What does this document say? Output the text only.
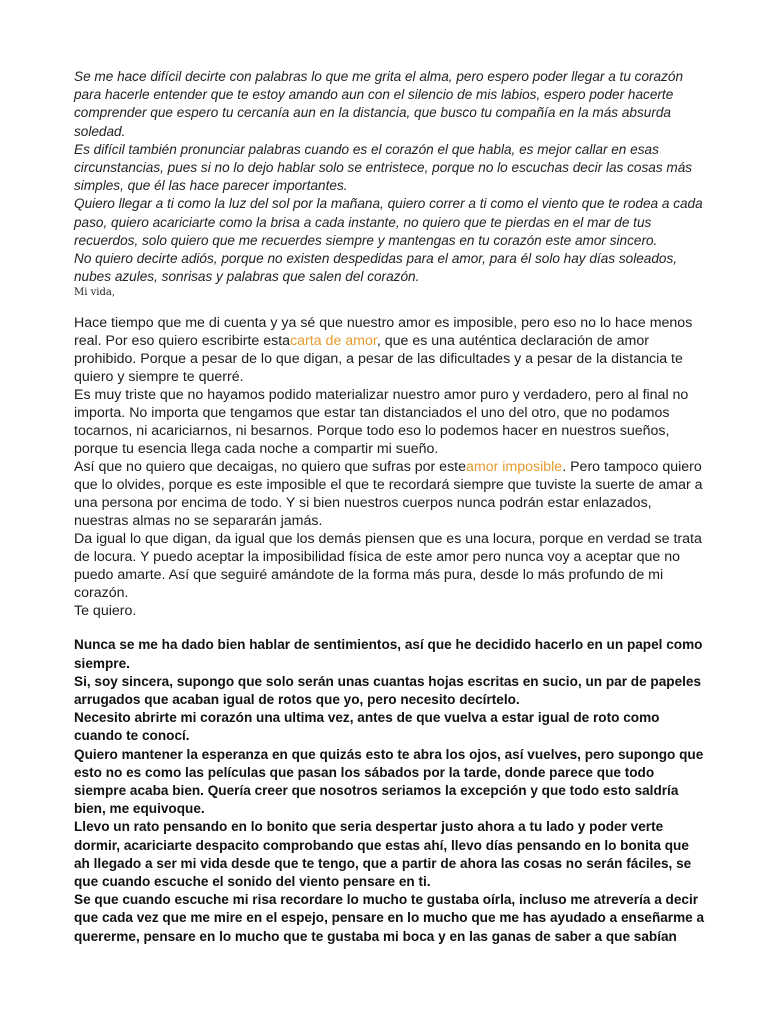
Se me hace difícil decirte con palabras lo que me grita el alma, pero espero poder llegar a tu corazón para hacerle entender que te estoy amando aun con el silencio de mis labios, espero poder hacerte comprender que espero tu cercanía aun en la distancia, que busco tu compañía en la más absurda soledad.

Es difícil también pronunciar palabras cuando es el corazón el que habla, es mejor callar en esas circunstancias, pues si no lo dejo hablar solo se entristece, porque no lo escuchas decir las cosas más simples, que él las hace parecer importantes.

Quiero llegar a ti como la luz del sol por la mañana, quiero correr a ti como el viento que te rodea a cada paso, quiero acariciarte como la brisa a cada instante, no quiero que te pierdas en el mar de tus recuerdos, solo quiero que me recuerdes siempre y mantengas en tu corazón este amor sincero.

No quiero decirte adiós, porque no existen despedidas para el amor, para él solo hay días soleados, nubes azules, sonrisas y palabras que salen del corazón.

Mi vida,

Hace tiempo que me di cuenta y ya sé que nuestro amor es imposible, pero eso no lo hace menos real. Por eso quiero escribirte estacarta de amor, que es una auténtica declaración de amor prohibido. Porque a pesar de lo que digan, a pesar de las dificultades y a pesar de la distancia te quiero y siempre te querré.

Es muy triste que no hayamos podido materializar nuestro amor puro y verdadero, pero al final no importa. No importa que tengamos que estar tan distanciados el uno del otro, que no podamos tocarnos, ni acariciarnos, ni besarnos. Porque todo eso lo podemos hacer en nuestros sueños, porque tu esencia llega cada noche a compartir mi sueño.

Así que no quiero que decaigas, no quiero que sufras por esteamor imposible. Pero tampoco quiero que lo olvides, porque es este imposible el que te recordará siempre que tuviste la suerte de amar a una persona por encima de todo. Y si bien nuestros cuerpos nunca podrán estar enlazados, nuestras almas no se separarán jamás.

Da igual lo que digan, da igual que los demás piensen que es una locura, porque en verdad se trata de locura. Y puedo aceptar la imposibilidad física de este amor pero nunca voy a aceptar que no puedo amarte. Así que seguiré amándote de la forma más pura, desde lo más profundo de mi corazón.

Te quiero.

Nunca se me ha dado bien hablar de sentimientos, así que he decidido hacerlo en un papel como siempre.

Si, soy sincera, supongo que solo serán unas cuantas hojas escritas en sucio, un par de papeles arrugados que acaban igual de rotos que yo, pero necesito decírtelo.

Necesito abrirte mi corazón una ultima vez, antes de que vuelva a estar igual de roto como cuando te conocí.

Quiero mantener la esperanza en que quizás esto te abra los ojos, así vuelves, pero supongo que esto no es como las películas que pasan los sábados por la tarde, donde parece que todo siempre acaba bien. Quería creer que nosotros seriamos la excepción y que todo esto saldría bien, me equivoque.

Llevo un rato pensando en lo bonito que seria despertar justo ahora a tu lado y poder verte dormir, acariciarte despacito comprobando que estas ahí, llevo días pensando en lo bonita que ah llegado a ser mi vida desde que te tengo, que a partir de ahora las cosas no serán fáciles, se que cuando escuche el sonido del viento pensare en ti.

Se que cuando escuche mi risa recordare lo mucho te gustaba oírla, incluso me atrevería a decir que cada vez que me mire en el espejo, pensare en lo mucho que me has ayudado a enseñarme a quererme, pensare en lo mucho que te gustaba mi boca y en las ganas de saber a que sabían
